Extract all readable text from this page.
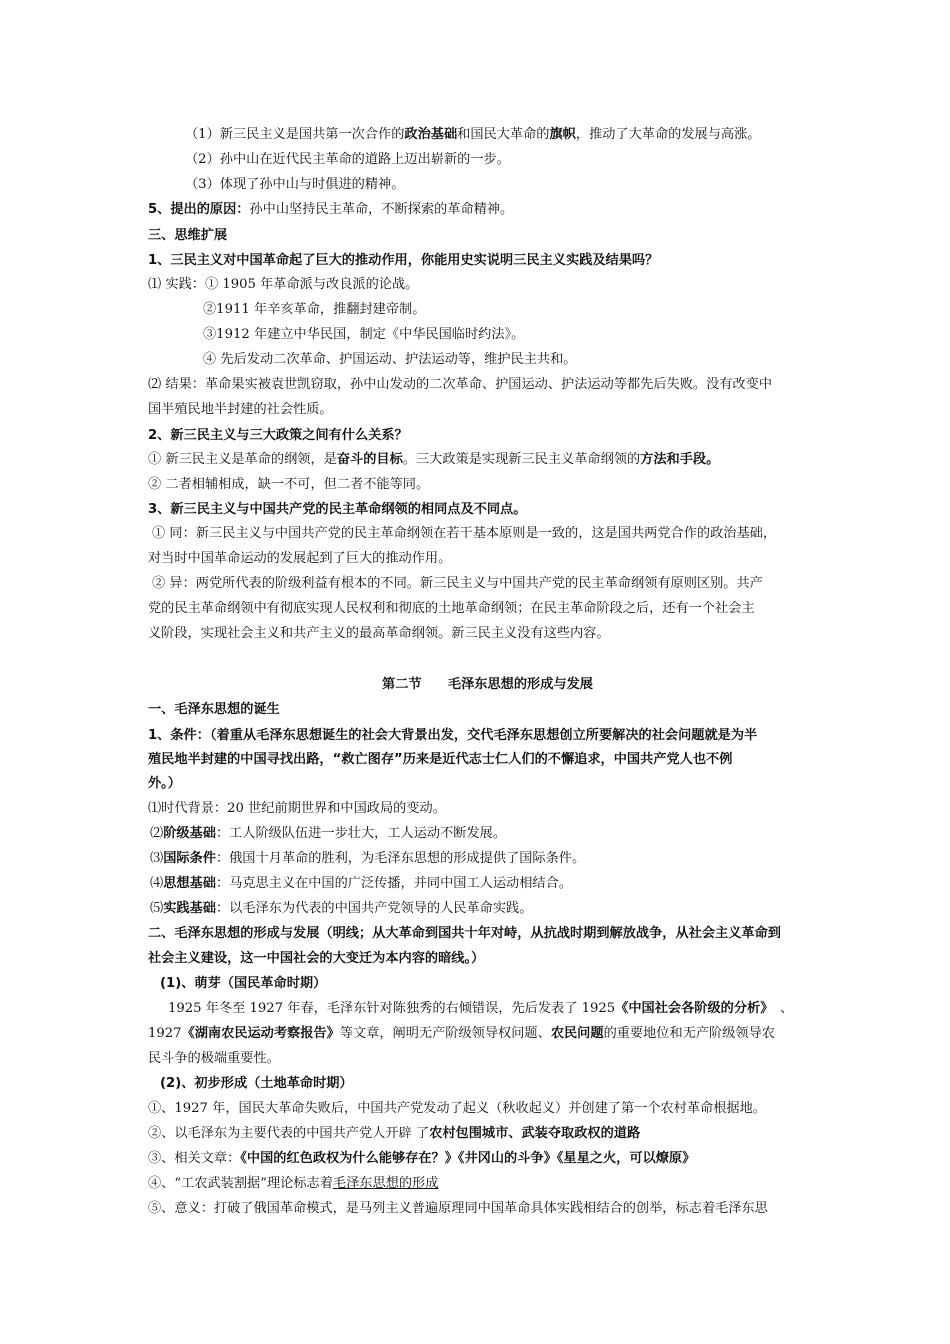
（1）新三民主义是国共第一次合作的政治基础和国民大革命的旗帜，推动了大革命的发展与高涨。
（2）孙中山在近代民主革命的道路上迈出崭新的一步。
（3）体现了孙中山与时俱进的精神。
5、提出的原因：孙中山坚持民主革命，不断探索的革命精神。
三、思维扩展
1、三民主义对中国革命起了巨大的推动作用，你能用史实说明三民主义实践及结果吗？
⑴ 实践：① 1905 年革命派与改良派的论战。
②1911 年辛亥革命，推翻封建帝制。
③1912 年建立中华民国，制定《中华民国临时约法》。
④ 先后发动二次革命、护国运动、护法运动等，维护民主共和。
⑵ 结果：革命果实被袁世凯窃取，孙中山发动的二次革命、护国运动、护法运动等都先后失败。没有改变中
国半殖民地半封建的社会性质。
2、新三民主义与三大政策之间有什么关系？
① 新三民主义是革命的纲领，是奋斗的目标。三大政策是实现新三民主义革命纲领的方法和手段。
② 二者相辅相成，缺一不可，但二者不能等同。
3、新三民主义与中国共产党的民主革命纲领的相同点及不同点。
① 同：新三民主义与中国共产党的民主革命纲领在若干基本原则是一致的，这是国共两党合作的政治基础，
对当时中国革命运动的发展起到了巨大的推动作用。
② 异：两党所代表的阶级利益有根本的不同。新三民主义与中国共产党的民主革命纲领有原则区别。共产
党的民主革命纲领中有彻底实现人民权利和彻底的土地革命纲领；在民主革命阶段之后，还有一个社会主
义阶段，实现社会主义和共产主义的最高革命纲领。新三民主义没有这些内容。
第二节　　毛泽东思想的形成与发展
一、毛泽东思想的诞生
1、条件：（着重从毛泽东思想诞生的社会大背景出发，交代毛泽东思想创立所要解决的社会问题就是为半
殖民地半封建的中国寻找出路，“救亡图存”历来是近代志士仁人们的不懈追求，中国共产党人也不例
外。）
⑴时代背景：20 世纪前期世界和中国政局的变动。
⑵阶级基础：工人阶级队伍进一步壮大，工人运动不断发展。
⑶国际条件：俄国十月革命的胜利，为毛泽东思想的形成提供了国际条件。
⑷思想基础：马克思主义在中国的广泛传播，并同中国工人运动相结合。
⑸实践基础：以毛泽东为代表的中国共产党领导的人民革命实践。
二、毛泽东思想的形成与发展（明线；从大革命到国共十年对峙，从抗战时期到解放战争，从社会主义革命到
社会主义建设，这一中国社会的大变迁为本内容的暗线。）
(1)、萌芽（国民革命时期）
1925 年冬至 1927 年春，毛泽东针对陈独秀的右倾错误，先后发表了 1925《中国社会各阶级的分析》　、
1927《湖南农民运动考察报告》等文章，阐明无产阶级领导权问题、农民问题的重要地位和无产阶级领导农
民斗争的极端重要性。
(2)、初步形成（土地革命时期）
①、1927 年，国民大革命失败后，中国共产党发动了起义（秋收起义）并创建了第一个农村革命根据地。
②、以毛泽东为主要代表的中国共产党人开辟 了农村包围城市、武装夺取政权的道路
③、相关文章：《中国的红色政权为什么能够存在？》《井冈山的斗争》《星星之火，可以燎原》
④、“工农武装割据”理论标志着毛泽东思想的形成
⑤、意义：打破了俄国革命模式，是马列主义普遍原理同中国革命具体实践相结合的创举，标志着毛泽东思
